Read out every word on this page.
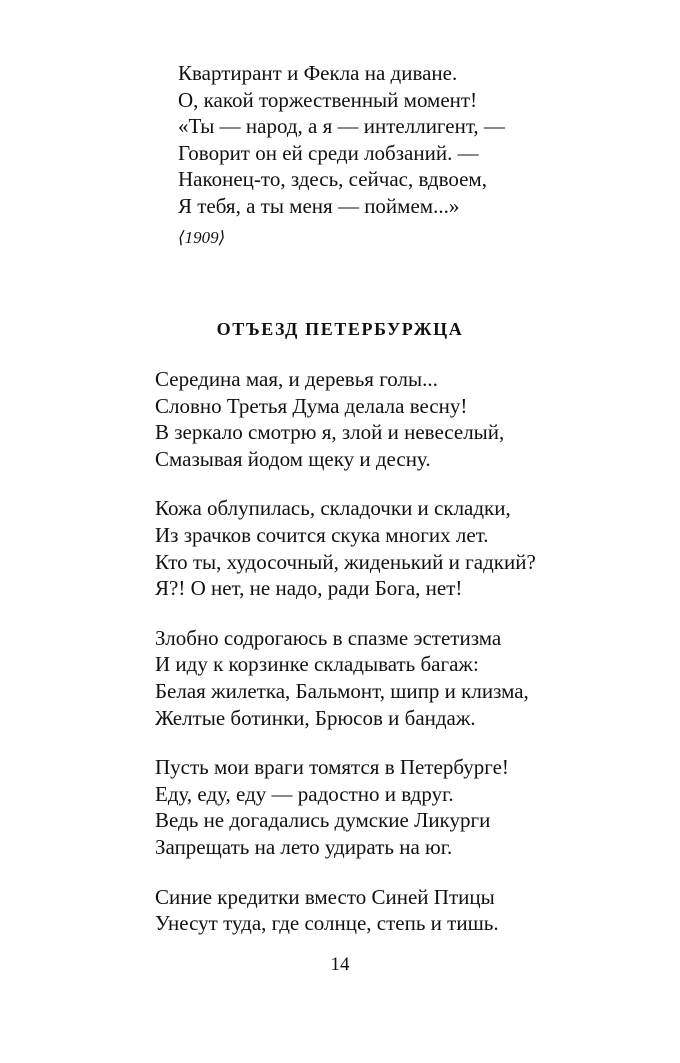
Квартирант и Фекла на диване.
О, какой торжественный момент!
«Ты — народ, а я — интеллигент, —
Говорит он ей среди лобзаний. —
Наконец-то, здесь, сейчас, вдвоем,
Я тебя, а ты меня — поймем...»
⟨1909⟩
ОТЪЕЗД ПЕТЕРБУРЖЦА
Середина мая, и деревья голы...
Словно Третья Дума делала весну!
В зеркало смотрю я, злой и невеселый,
Смазывая йодом щеку и десну.
Кожа облупилась, складочки и складки,
Из зрачков сочится скука многих лет.
Кто ты, худосочный, жиденький и гадкий?
Я?! О нет, не надо, ради Бога, нет!
Злобно содрогаюсь в спазме эстетизма
И иду к корзинке складывать багаж:
Белая жилетка, Бальмонт, шипр и клизма,
Желтые ботинки, Брюсов и бандаж.
Пусть мои враги томятся в Петербурге!
Еду, еду, еду — радостно и вдруг.
Ведь не догадались думские Ликурги
Запрещать на лето удирать на юг.
Синие кредитки вместо Синей Птицы
Унесут туда, где солнце, степь и тишь.
14
